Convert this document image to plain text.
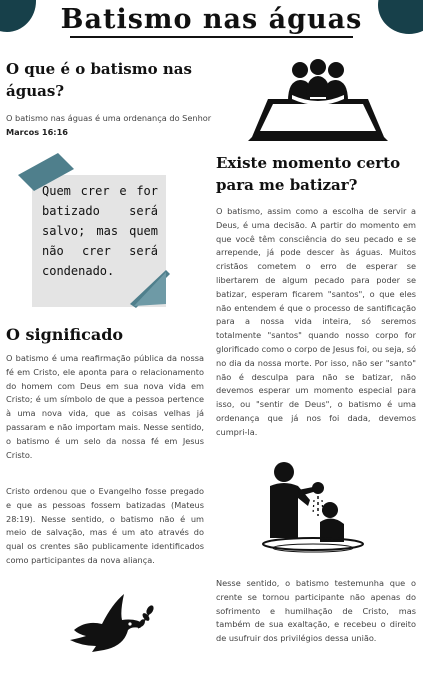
Batismo nas águas
O que é o batismo nas águas?

O batismo nas águas é uma ordenança do Senhor
Marcos 16:16

Quem crer e for batizado será salvo; mas quem não crer será condenado.

O significado

O batismo é uma reafirmação pública da nossa fé em Cristo, ele aponta para o relacionamento do homem com Deus em sua nova vida em Cristo; é um símbolo de que a pessoa pertence à uma nova vida, que as coisas velhas já passaram e não importam mais. Nesse sentido, o batismo é um selo da nossa fé em Jesus Cristo.

Cristo ordenou que o Evangelho fosse pregado e que as pessoas fossem batizadas (Mateus 28:19). Nesse sentido, o batismo não é um meio de salvação, mas é um ato através do qual os crentes são publicamente identificados como participantes da nova aliança.

Existe momento certo para me batizar?

O batismo, assim como a escolha de servir a Deus, é uma decisão. A partir do momento em que você têm consciência do seu pecado e se arrepende, já pode descer às águas. Muitos cristãos cometem o erro de esperar se libertarem de algum pecado para poder se batizar, esperam ficarem "santos", o que eles não entendem é que o processo de santificação para a nossa vida inteira, só seremos totalmente "santos" quando nosso corpo for glorificado como o corpo de Jesus foi, ou seja, só no dia da nossa morte. Por isso, não ser "santo" não é desculpa para não se batizar, não devemos esperar um momento especial para isso, ou "sentir de Deus", o batismo é uma ordenança que já nos foi dada, devemos cumpri-la.

Nesse sentido, o batismo testemunha que o crente se tornou participante não apenas do sofrimento e humilhação de Cristo, mas também de sua exaltação, e recebeu o direito de usufruir dos privilégios dessa união.
